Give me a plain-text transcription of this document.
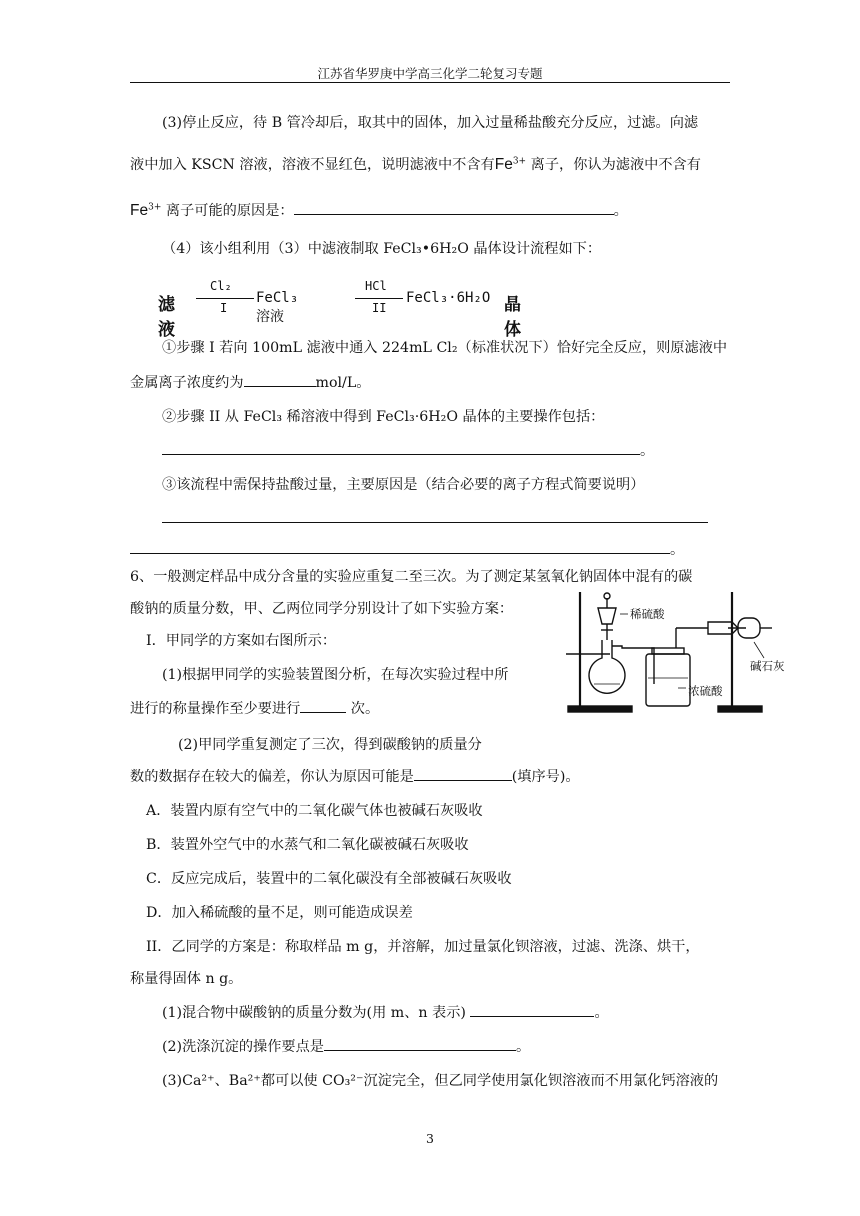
江苏省华罗庚中学高三化学二轮复习专题
(3)停止反应，待 B 管冷却后，取其中的固体，加入过量稀盐酸充分反应，过滤。向滤
液中加入 KSCN 溶液，溶液不显红色，说明滤液中不含有$Fe^{3+}$ 离子，你认为滤液中不含有
$Fe^{3+}$ 离子可能的原因是：	。
（4）该小组利用（3）中滤液制取 FeCl₃•6H₂O 晶体设计流程如下：
滤液
Cl₂
I
FeCl₃溶液
HCl
II
FeCl₃·6H₂O 晶体
①步骤 I 若向 100mL 滤液中通入 224mL Cl₂（标准状况下）恰好完全反应，则原滤液中
金属离子浓度约为	mol/L。
②步骤 II 从 FeCl₃ 稀溶液中得到 FeCl₃·6H₂O 晶体的主要操作包括：
。
③该流程中需保持盐酸过量，主要原因是（结合必要的离子方程式简要说明）
。
6、一般测定样品中成分含量的实验应重复二至三次。为了测定某氢氧化钠固体中混有的碳
酸钠的质量分数，甲、乙两位同学分别设计了如下实验方案：
I．甲同学的方案如右图所示：
(1)根据甲同学的实验装置图分析，在每次实验过程中所
进行的称量操作至少要进行	次。
(2)甲同学重复测定了三次，得到碳酸钠的质量分
数的数据存在较大的偏差，你认为原因可能是	(填序号)。
A．装置内原有空气中的二氧化碳气体也被碱石灰吸收
B．装置外空气中的水蒸气和二氧化碳被碱石灰吸收
C．反应完成后，装置中的二氧化碳没有全部被碱石灰吸收
D．加入稀硫酸的量不足，则可能造成误差
II．乙同学的方案是：称取样品 m g，并溶解，加过量氯化钡溶液，过滤、洗涤、烘干，
称量得固体 n g。
(1)混合物中碳酸钠的质量分数为(用 m、n 表示)	。
(2)洗涤沉淀的操作要点是	。
(3)Ca²⁺、Ba²⁺都可以使 CO₃²⁻沉淀完全，但乙同学使用氯化钡溶液而不用氯化钙溶液的
稀硫酸
碱石灰
浓硫酸
3
